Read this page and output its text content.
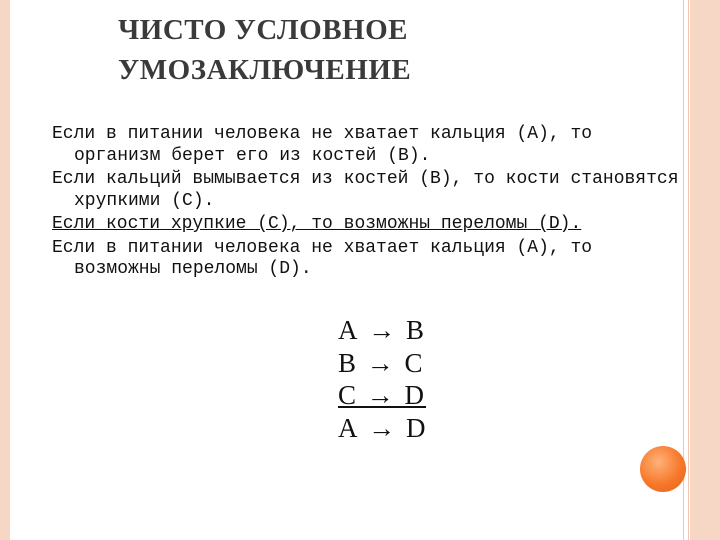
ЧИСТО УСЛОВНОЕ
УМОЗАКЛЮЧЕНИЕ

Если в питании человека не хватает кальция (А), то организм берет его из костей (В).

Если кальций вымывается из костей (В), то кости становятся хрупкими (С).

Если кости хрупкие (С), то возможны переломы (D).

Если в питании человека не хватает кальция (А), то возможны переломы (D).

А → В
В → С
С → D
А → D
